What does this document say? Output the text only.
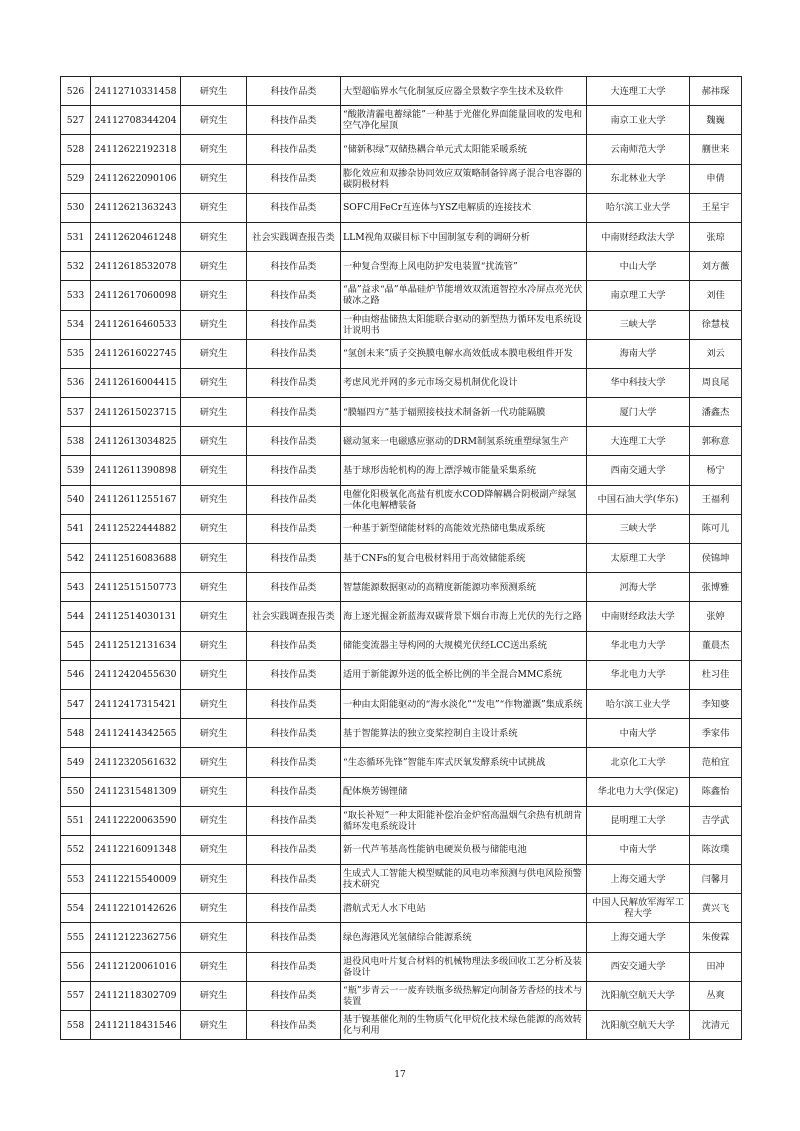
526	24112710331458	研究生	科技作品类	大型超临界水气化制氢反应器全景数字孪生技术及软件	大连理工大学	郝祎琛
527	24112708344204	研究生	科技作品类	“酸散清霾电蓄绿能”一种基于光催化界面能量回收的发电和空气净化屋顶	南京工业大学	魏巍
528	24112622192318	研究生	科技作品类	“储新积绿”双储热耦合单元式太阳能采暖系统	云南师范大学	蒯世来
529	24112622090106	研究生	科技作品类	膨化效应和双掺杂协同效应双策略制备锌离子混合电容器的碳阴极材料	东北林业大学	申倩
530	24112621363243	研究生	科技作品类	SOFC用FeCr互连体与YSZ电解质的连接技术	哈尔滨工业大学	王星宇
531	24112620461248	研究生	社会实践调查报告类	LLM视角双碳目标下中国制氢专利的调研分析	中南财经政法大学	张琼
532	24112618532078	研究生	科技作品类	一种复合型海上风电防护发电装置“扰流管”	中山大学	刘方薇
533	24112617060098	研究生	科技作品类	“晶”益求“晶”单晶硅炉节能增效双流道智控水冷屏点亮光伏破冰之路	南京理工大学	刘佳
534	24112616460533	研究生	科技作品类	一种由熔盐储热太阳能联合驱动的新型热力循环发电系统设计说明书	三峡大学	徐慧枝
535	24112616022745	研究生	科技作品类	“氢创未来”质子交换膜电解水高效低成本膜电极组件开发	海南大学	刘云
536	24112616004415	研究生	科技作品类	考虑风光并网的多元市场交易机制优化设计	华中科技大学	周良尾
537	24112615023715	研究生	科技作品类	“膜辐四方”基于辐照接枝技术制备新一代功能隔膜	厦门大学	潘鑫杰
538	24112613034825	研究生	科技作品类	磁动氢来一电磁感应驱动的DRM制氢系统重塑绿氢生产	大连理工大学	郭称意
539	24112611390898	研究生	科技作品类	基于球形齿轮机构的海上漂浮城市能量采集系统	西南交通大学	杨宁
540	24112611255167	研究生	科技作品类	电催化阳极氧化高盐有机废水COD降解耦合阴极副产绿氢一体化电解槽装备	中国石油大学(华东)	王福利
541	24112522444882	研究生	科技作品类	一种基于新型储能材料的高能效光热储电集成系统	三峡大学	陈可儿
542	24112516083688	研究生	科技作品类	基于CNFs的复合电极材料用于高效储能系统	太原理工大学	侯锦坤
543	24112515150773	研究生	科技作品类	智慧能源数据驱动的高精度新能源功率预测系统	河海大学	张博雅
544	24112514030131	研究生	社会实践调查报告类	海上逐光掘金新蓝海双碳背景下烟台市海上光伏的先行之路	中南财经政法大学	张婷
545	24112512131634	研究生	科技作品类	储能变流器主导构网的大规模光伏经LCC送出系统	华北电力大学	董晨杰
546	24112420455630	研究生	科技作品类	适用于新能源外送的低全桥比例的半全混合MMC系统	华北电力大学	杜习佳
547	24112417315421	研究生	科技作品类	一种由太阳能驱动的“海水淡化”“发电”“作物灌溉”集成系统	哈尔滨工业大学	李知婆
548	24112414342565	研究生	科技作品类	基于智能算法的独立变桨控制自主设计系统	中南大学	季家伟
549	24112320561632	研究生	科技作品类	“生态循环先锋”智能车库式厌氧发酵系统中试挑战	北京化工大学	范柏宜
550	24112315481309	研究生	科技作品类	配体焕芳锡锂储	华北电力大学(保定)	陈鑫怡
551	24112220063590	研究生	科技作品类	“取长补短”一种太阳能补偿冶金炉窑高温烟气余热有机朗肯循环发电系统设计	昆明理工大学	吉学武
552	24112216091348	研究生	科技作品类	新一代芦苇基高性能钠电硬炭负极与储能电池	中南大学	陈汝璞
553	24112215540009	研究生	科技作品类	生成式人工智能大模型赋能的风电功率预测与供电风险预警技术研究	上海交通大学	闫馨月
554	24112210142626	研究生	科技作品类	潜航式无人水下电站	中国人民解放军海军工程大学	黄兴飞
555	24112122362756	研究生	科技作品类	绿色海港风光氢储综合能源系统	上海交通大学	朱俊霖
556	24112120061016	研究生	科技作品类	退役风电叶片复合材料的机械物理法多级回收工艺分析及装备设计	西安交通大学	田冲
557	24112118302709	研究生	科技作品类	“瓶”步青云一一废弃铁瓶多级热解定向制备芳香烃的技术与装置	沈阳航空航天大学	丛爽
558	24112118431546	研究生	科技作品类	基于镍基催化剂的生物质气化甲烷化技术绿色能源的高效转化与利用	沈阳航空航天大学	沈清元
17
